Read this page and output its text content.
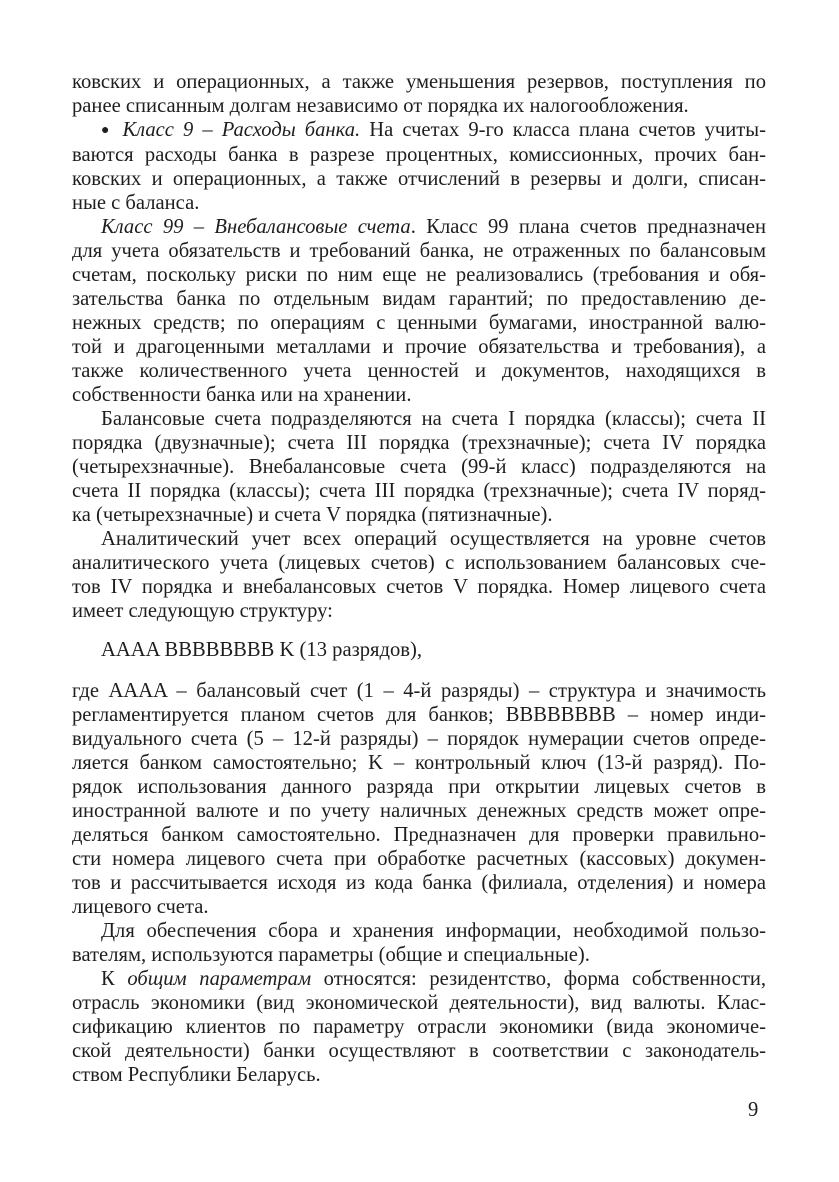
ковских и операционных, а также уменьшения резервов, поступления по
ранее списанным долгам независимо от порядка их налогообложения.

● Класс 9 – Расходы банка. На счетах 9-го класса плана счетов учиты-
ваются расходы банка в разрезе процентных, комиссионных, прочих бан-
ковских и операционных, а также отчислений в резервы и долги, списан-
ные с баланса.

Класс 99 – Внебалансовые счета. Класс 99 плана счетов предназначен
для учета обязательств и требований банка, не отраженных по балансовым
счетам, поскольку риски по ним еще не реализовались (требования и обя-
зательства банка по отдельным видам гарантий; по предоставлению де-
нежных средств; по операциям с ценными бумагами, иностранной валю-
той и драгоценными металлами и прочие обязательства и требования), а
также количественного учета ценностей и документов, находящихся в
собственности банка или на хранении.

Балансовые счета подразделяются на счета I порядка (классы); счета II
порядка (двузначные); счета III порядка (трехзначные); счета IV порядка
(четырехзначные). Внебалансовые счета (99-й класс) подразделяются на
счета II порядка (классы); счета III порядка (трехзначные); счета IV поряд-
ка (четырехзначные) и счета V порядка (пятизначные).

Аналитический учет всех операций осуществляется на уровне счетов
аналитического учета (лицевых счетов) с использованием балансовых сче-
тов IV порядка и внебалансовых счетов V порядка. Номер лицевого счета
имеет следующую структуру:

AAAA BBBBBBBB K (13 разрядов),

где AAAA – балансовый счет (1 – 4-й разряды) – структура и значимость
регламентируется планом счетов для банков; BBBBBBBB – номер инди-
видуального счета (5 – 12-й разряды) – порядок нумерации счетов опреде-
ляется банком самостоятельно; K – контрольный ключ (13-й разряд). По-
рядок использования данного разряда при открытии лицевых счетов в
иностранной валюте и по учету наличных денежных средств может опре-
деляться банком самостоятельно. Предназначен для проверки правильно-
сти номера лицевого счета при обработке расчетных (кассовых) докумен-
тов и рассчитывается исходя из кода банка (филиала, отделения) и номера
лицевого счета.

Для обеспечения сбора и хранения информации, необходимой пользо-
вателям, используются параметры (общие и специальные).

К общим параметрам относятся: резидентство, форма собственности,
отрасль экономики (вид экономической деятельности), вид валюты. Клас-
сификацию клиентов по параметру отрасли экономики (вида экономиче-
ской деятельности) банки осуществляют в соответствии с законодатель-
ством Республики Беларусь.

9
